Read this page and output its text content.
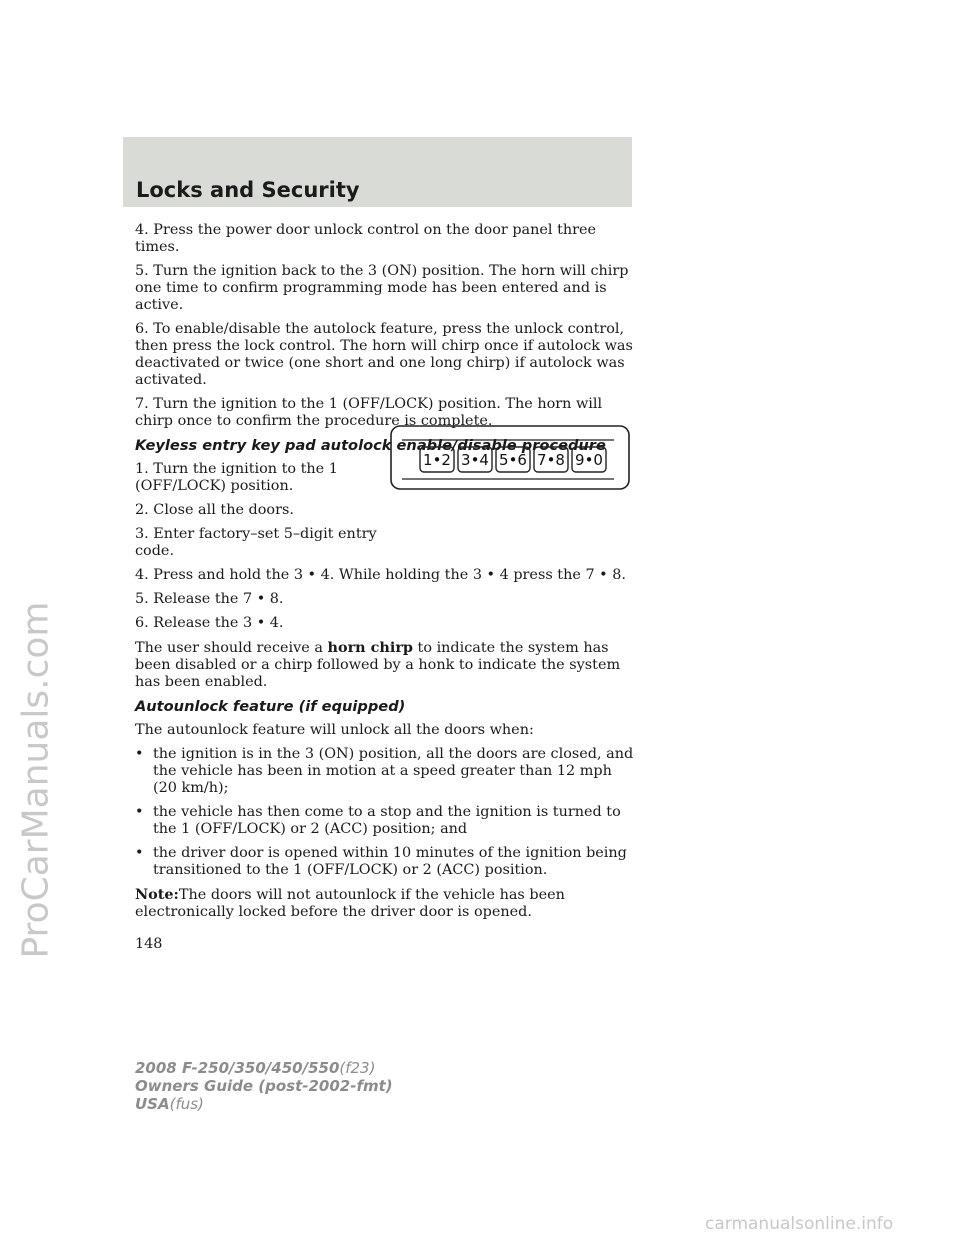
Locks and Security

4. Press the power door unlock control on the door panel three times.

5. Turn the ignition back to the 3 (ON) position. The horn will chirp one time to confirm programming mode has been entered and is active.

6. To enable/disable the autolock feature, press the unlock control, then press the lock control. The horn will chirp once if autolock was deactivated or twice (one short and one long chirp) if autolock was activated.

7. Turn the ignition to the 1 (OFF/LOCK) position. The horn will chirp once to confirm the procedure is complete.

Keyless entry key pad autolock enable/disable procedure

1. Turn the ignition to the 1 (OFF/LOCK) position.

2. Close all the doors.

3. Enter factory–set 5–digit entry code.

4. Press and hold the 3 • 4. While holding the 3 • 4 press the 7 • 8.

5. Release the 7 • 8.

6. Release the 3 • 4.

The user should receive a horn chirp to indicate the system has been disabled or a chirp followed by a honk to indicate the system has been enabled.

Autounlock feature (if equipped)

The autounlock feature will unlock all the doors when:

• the ignition is in the 3 (ON) position, all the doors are closed, and the vehicle has been in motion at a speed greater than 12 mph (20 km/h);
• the vehicle has then come to a stop and the ignition is turned to the 1 (OFF/LOCK) or 2 (ACC) position; and
• the driver door is opened within 10 minutes of the ignition being transitioned to the 1 (OFF/LOCK) or 2 (ACC) position.

Note:The doors will not autounlock if the vehicle has been electronically locked before the driver door is opened.

1•2 3•4 5•6 7•8 9•0
148
2008 F-250/350/450/550(f23)
Owners Guide (post-2002-fmt)
USA(fus)
ProCarManuals.com
carmanualsonline.info
